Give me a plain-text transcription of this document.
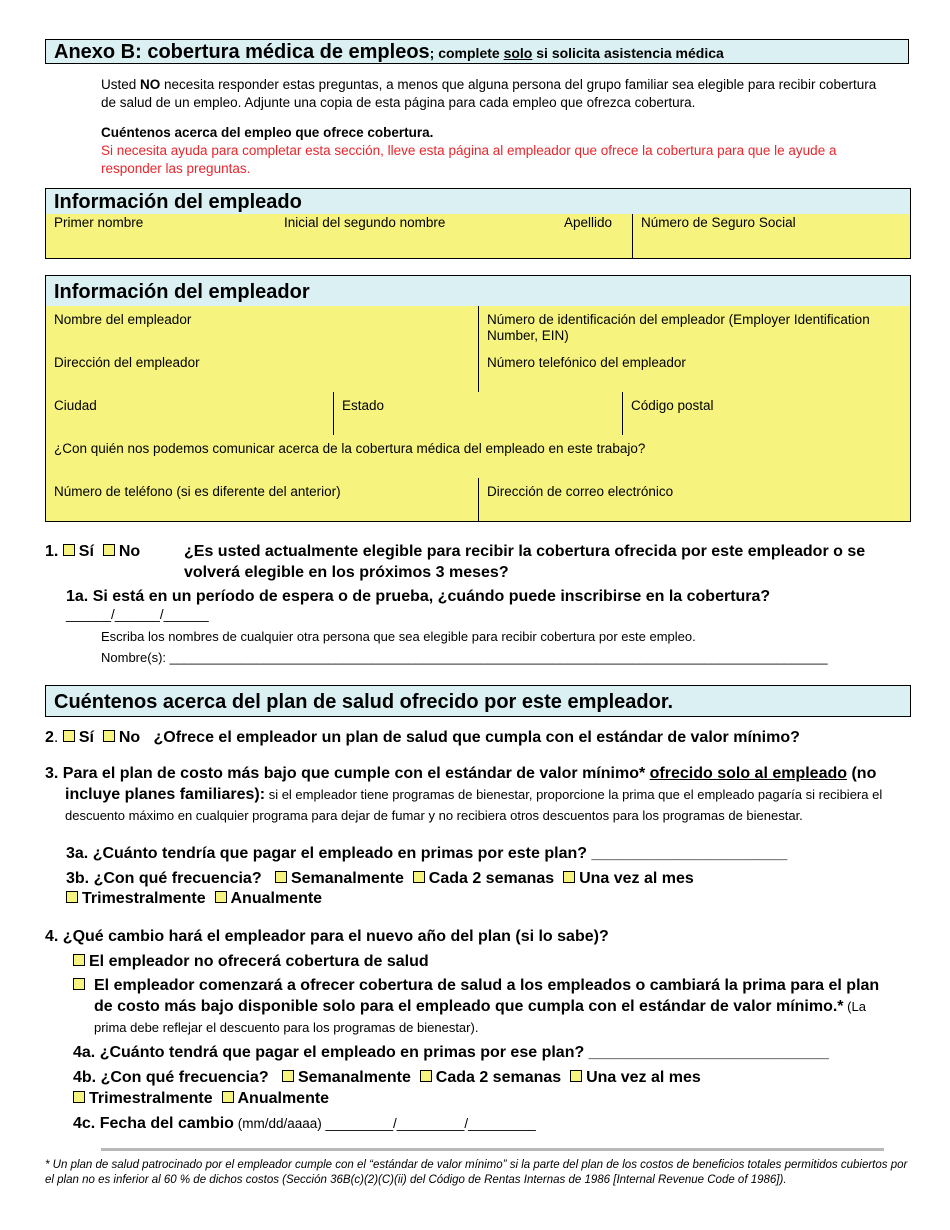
Anexo B: cobertura médica de empleos; complete solo si solicita asistencia médica
Usted NO necesita responder estas preguntas, a menos que alguna persona del grupo familiar sea elegible para recibir cobertura de salud de un empleo. Adjunte una copia de esta página para cada empleo que ofrezca cobertura.
Cuéntenos acerca del empleo que ofrece cobertura.
Si necesita ayuda para completar esta sección, lleve esta página al empleador que ofrece la cobertura para que le ayude a responder las preguntas.
Información del empleado
Primer nombre	Inicial del segundo nombre	Apellido	Número de Seguro Social
Información del empleador
Nombre del empleador	Número de identificación del empleador (Employer Identification Number, EIN)
Dirección del empleador	Número telefónico del empleador
Ciudad	Estado	Código postal
¿Con quién nos podemos comunicar acerca de la cobertura médica del empleado en este trabajo?
Número de teléfono (si es diferente del anterior)	Dirección de correo electrónico
1. Sí No	¿Es usted actualmente elegible para recibir la cobertura ofrecida por este empleador o se volverá elegible en los próximos 3 meses?
1a. Si está en un período de espera o de prueba, ¿cuándo puede inscribirse en la cobertura?
______/______/______
Escriba los nombres de cualquier otra persona que sea elegible para recibir cobertura por este empleo.
Nombre(s): ___________________________________________________________________________________________
Cuéntenos acerca del plan de salud ofrecido por este empleador.
2. Sí No ¿Ofrece el empleador un plan de salud que cumpla con el estándar de valor mínimo?
3. Para el plan de costo más bajo que cumple con el estándar de valor mínimo* ofrecido solo al empleado (no incluye planes familiares): si el empleador tiene programas de bienestar, proporcione la prima que el empleado pagaría si recibiera el descuento máximo en cualquier programa para dejar de fumar y no recibiera otros descuentos para los programas de bienestar.
3a. ¿Cuánto tendría que pagar el empleado en primas por este plan? ______________________
3b. ¿Con qué frecuencia? Semanalmente Cada 2 semanas Una vez al mes
Trimestralmente Anualmente
4. ¿Qué cambio hará el empleador para el nuevo año del plan (si lo sabe)?
El empleador no ofrecerá cobertura de salud
El empleador comenzará a ofrecer cobertura de salud a los empleados o cambiará la prima para el plan de costo más bajo disponible solo para el empleado que cumpla con el estándar de valor mínimo.* (La prima debe reflejar el descuento para los programas de bienestar).
4a. ¿Cuánto tendrá que pagar el empleado en primas por ese plan? ___________________________
4b. ¿Con qué frecuencia? Semanalmente Cada 2 semanas Una vez al mes
Trimestralmente Anualmente
4c. Fecha del cambio (mm/dd/aaaa) _________/_________/_________
* Un plan de salud patrocinado por el empleador cumple con el “estándar de valor mínimo” si la parte del plan de los costos de beneficios totales permitidos cubiertos por el plan no es inferior al 60 % de dichos costos (Sección 36B(c)(2)(C)(ii) del Código de Rentas Internas de 1986 [Internal Revenue Code of 1986]).
